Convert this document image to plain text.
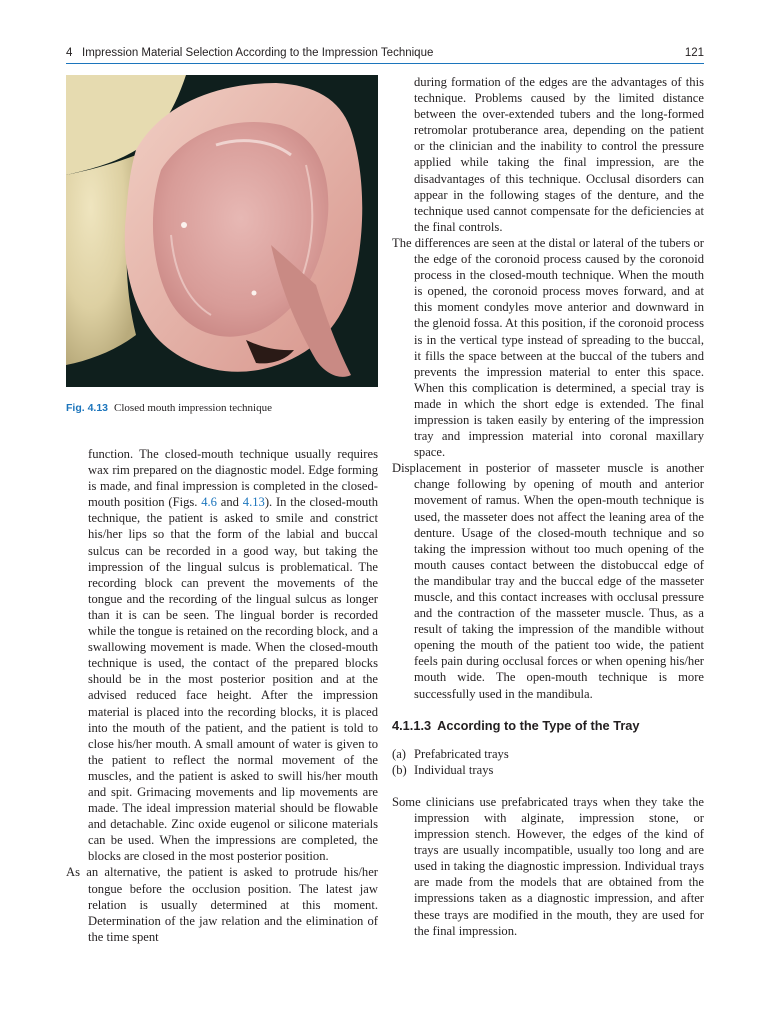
4 Impression Material Selection According to the Impression Technique	121
Fig. 4.13 Closed mouth impression technique

function. The closed-mouth technique usually requires wax rim prepared on the diagnostic model. Edge forming is made, and final impression is completed in the closed-mouth position (Figs. 4.6 and 4.13). In the closed-mouth technique, the patient is asked to smile and constrict his/her lips so that the form of the labial and buccal sulcus can be recorded in a good way, but taking the impression of the lingual sulcus is problematical. The recording block can prevent the movements of the tongue and the recording of the lingual sulcus as longer than it is can be seen. The lingual border is recorded while the tongue is retained on the recording block, and a swallowing movement is made. When the closed-mouth technique is used, the contact of the prepared blocks should be in the most posterior position and at the advised reduced face height. After the impression material is placed into the recording blocks, it is placed into the mouth of the patient, and the patient is told to close his/her mouth. A small amount of water is given to the patient to reflect the normal movement of the muscles, and the patient is asked to swill his/her mouth and spit. Grimacing movements and lip movements are made. The ideal impression material should be flowable and detachable. Zinc oxide eugenol or silicone materials can be used. When the impressions are completed, the blocks are closed in the most posterior position.

As an alternative, the patient is asked to protrude his/her tongue before the occlusion position. The latest jaw relation is usually determined at this moment. Determination of the jaw relation and the elimination of the time spent

during formation of the edges are the advantages of this technique. Problems caused by the limited distance between the over-extended tubers and the long-formed retromolar protuberance area, depending on the patient or the clinician and the inability to control the pressure applied while taking the final impression, are the disadvantages of this technique. Occlusal disorders can appear in the following stages of the denture, and the technique used cannot compensate for the deficiencies at the final controls.

The differences are seen at the distal or lateral of the tubers or the edge of the coronoid process caused by the coronoid process in the closed-mouth technique. When the mouth is opened, the coronoid process moves forward, and at this moment condyles move anterior and downward in the glenoid fossa. At this position, if the coronoid process is in the vertical type instead of spreading to the buccal, it fills the space between at the buccal of the tubers and prevents the impression material to enter this space. When this complication is determined, a special tray is made in which the short edge is extended. The final impression is taken easily by entering of the impression tray and impression material into coronal maxillary space.

Displacement in posterior of masseter muscle is another change following by opening of mouth and anterior movement of ramus. When the open-mouth technique is used, the masseter does not affect the leaning area of the denture. Usage of the closed-mouth technique and so taking the impression without too much opening of the mouth causes contact between the distobuccal edge of the mandibular tray and the buccal edge of the masseter muscle, and this contact increases with occlusal pressure and the contraction of the masseter muscle. Thus, as a result of taking the impression of the mandible without opening the mouth of the patient too wide, the patient feels pain during occlusal forces or when opening his/her mouth wide. The open-mouth technique is more successfully used in the mandibula.

4.1.1.3 According to the Type of the Tray

(a) Prefabricated trays

(b) Individual trays

Some clinicians use prefabricated trays when they take the impression with alginate, impression stone, or impression stench. However, the edges of the kind of trays are usually incompatible, usually too long and are used in taking the diagnostic impression. Individual trays are made from the models that are obtained from the impressions taken as a diagnostic impression, and after these trays are modified in the mouth, they are used for the final impression.
